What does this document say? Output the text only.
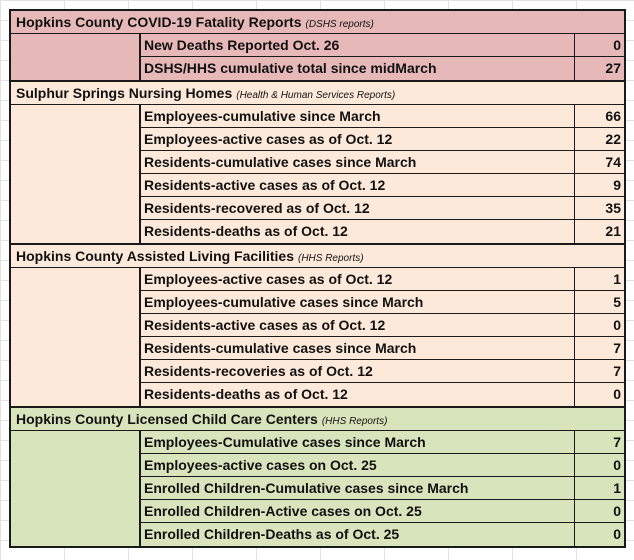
Hopkins County COVID-19 Fatality Reports (DSHS reports)
New Deaths Reported Oct. 26	0
DSHS/HHS cumulative total since midMarch	27
Sulphur Springs Nursing Homes (Health & Human Services Reports)
Employees-cumulative since March	66
Employees-active cases as of Oct. 12	22
Residents-cumulative cases since March	74
Residents-active cases as of Oct. 12	9
Residents-recovered as of Oct. 12	35
Residents-deaths as of Oct. 12	21
Hopkins County Assisted Living Facilities (HHS Reports)
Employees-active cases as of Oct. 12	1
Employees-cumulative cases since March	5
Residents-active cases as of Oct. 12	0
Residents-cumulative cases since March	7
Residents-recoveries as of Oct. 12	7
Residents-deaths as of Oct. 12	0
Hopkins County Licensed Child Care Centers (HHS Reports)
Employees-Cumulative cases since March	7
Employees-active cases on Oct. 25	0
Enrolled Children-Cumulative cases since March	1
Enrolled Children-Active cases on Oct. 25	0
Enrolled Children-Deaths as of Oct. 25	0
